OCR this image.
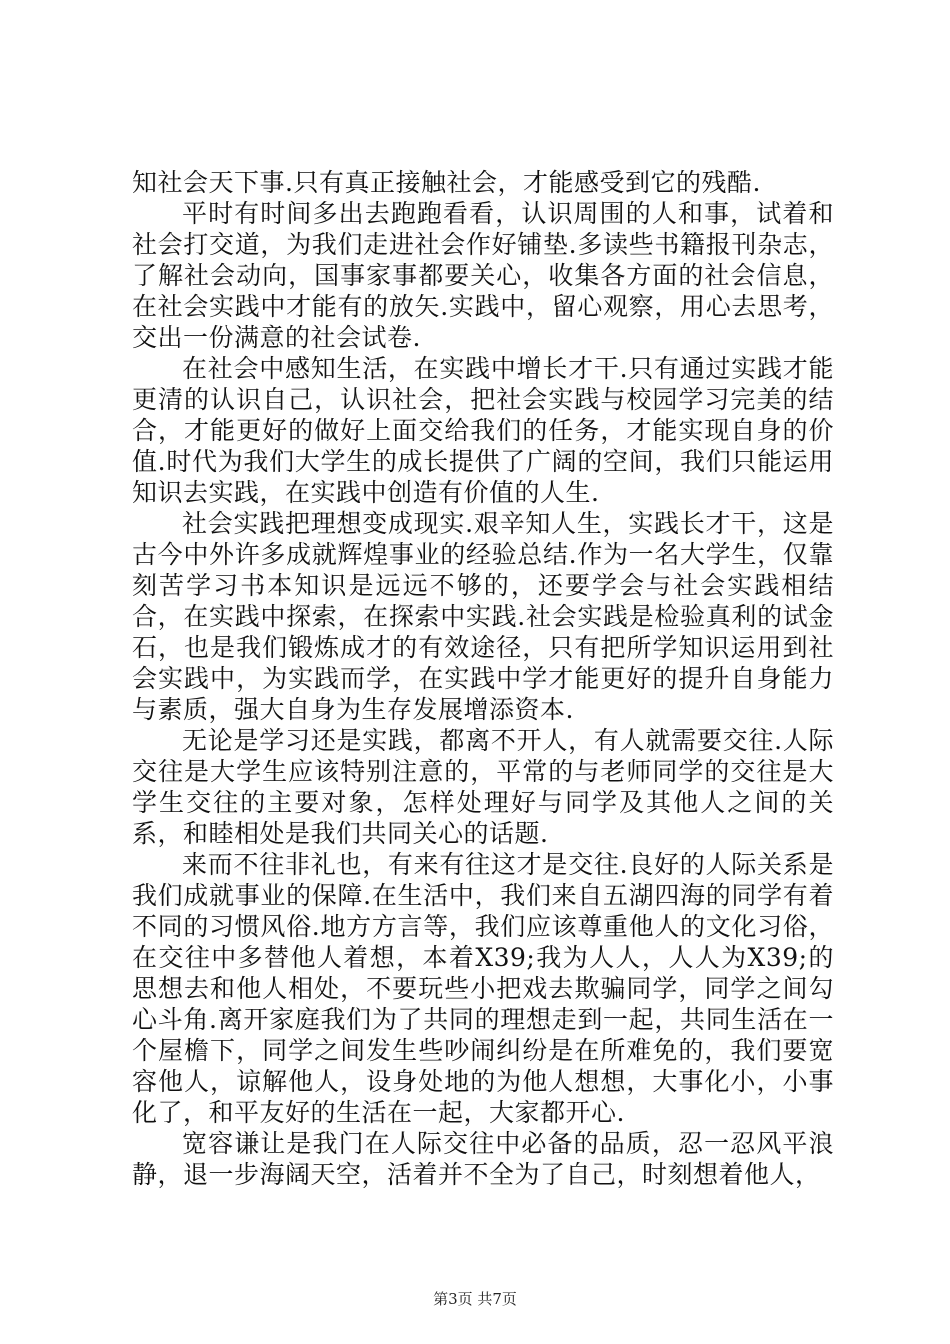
知社会天下事.只有真正接触社会，才能感受到它的残酷.

平时有时间多出去跑跑看看，认识周围的人和事，试着和社会打交道，为我们走进社会作好铺垫.多读些书籍报刊杂志，了解社会动向，国事家事都要关心，收集各方面的社会信息，在社会实践中才能有的放矢.实践中，留心观察，用心去思考，交出一份满意的社会试卷.

在社会中感知生活，在实践中增长才干.只有通过实践才能更清的认识自己，认识社会，把社会实践与校园学习完美的结合，才能更好的做好上面交给我们的任务，才能实现自身的价值.时代为我们大学生的成长提供了广阔的空间，我们只能运用知识去实践，在实践中创造有价值的人生.

社会实践把理想变成现实.艰辛知人生，实践长才干，这是古今中外许多成就辉煌事业的经验总结.作为一名大学生，仅靠刻苦学习书本知识是远远不够的，还要学会与社会实践相结合，在实践中探索，在探索中实践.社会实践是检验真利的试金石，也是我们锻炼成才的有效途径，只有把所学知识运用到社会实践中，为实践而学，在实践中学才能更好的提升自身能力与素质，强大自身为生存发展增添资本.

无论是学习还是实践，都离不开人，有人就需要交往.人际交往是大学生应该特别注意的，平常的与老师同学的交往是大学生交往的主要对象，怎样处理好与同学及其他人之间的关系，和睦相处是我们共同关心的话题.

来而不往非礼也，有来有往这才是交往.良好的人际关系是我们成就事业的保障.在生活中，我们来自五湖四海的同学有着不同的习惯风俗.地方方言等，我们应该尊重他人的文化习俗，在交往中多替他人着想，本着X39;我为人人，人人为X39;的思想去和他人相处，不要玩些小把戏去欺骗同学，同学之间勾心斗角.离开家庭我们为了共同的理想走到一起，共同生活在一个屋檐下，同学之间发生些吵闹纠纷是在所难免的，我们要宽容他人，谅解他人，设身处地的为他人想想，大事化小，小事化了，和平友好的生活在一起，大家都开心.

宽容谦让是我门在人际交往中必备的品质，忍一忍风平浪静，退一步海阔天空，活着并不全为了自己，时刻想着他人，

第3页 共7页
